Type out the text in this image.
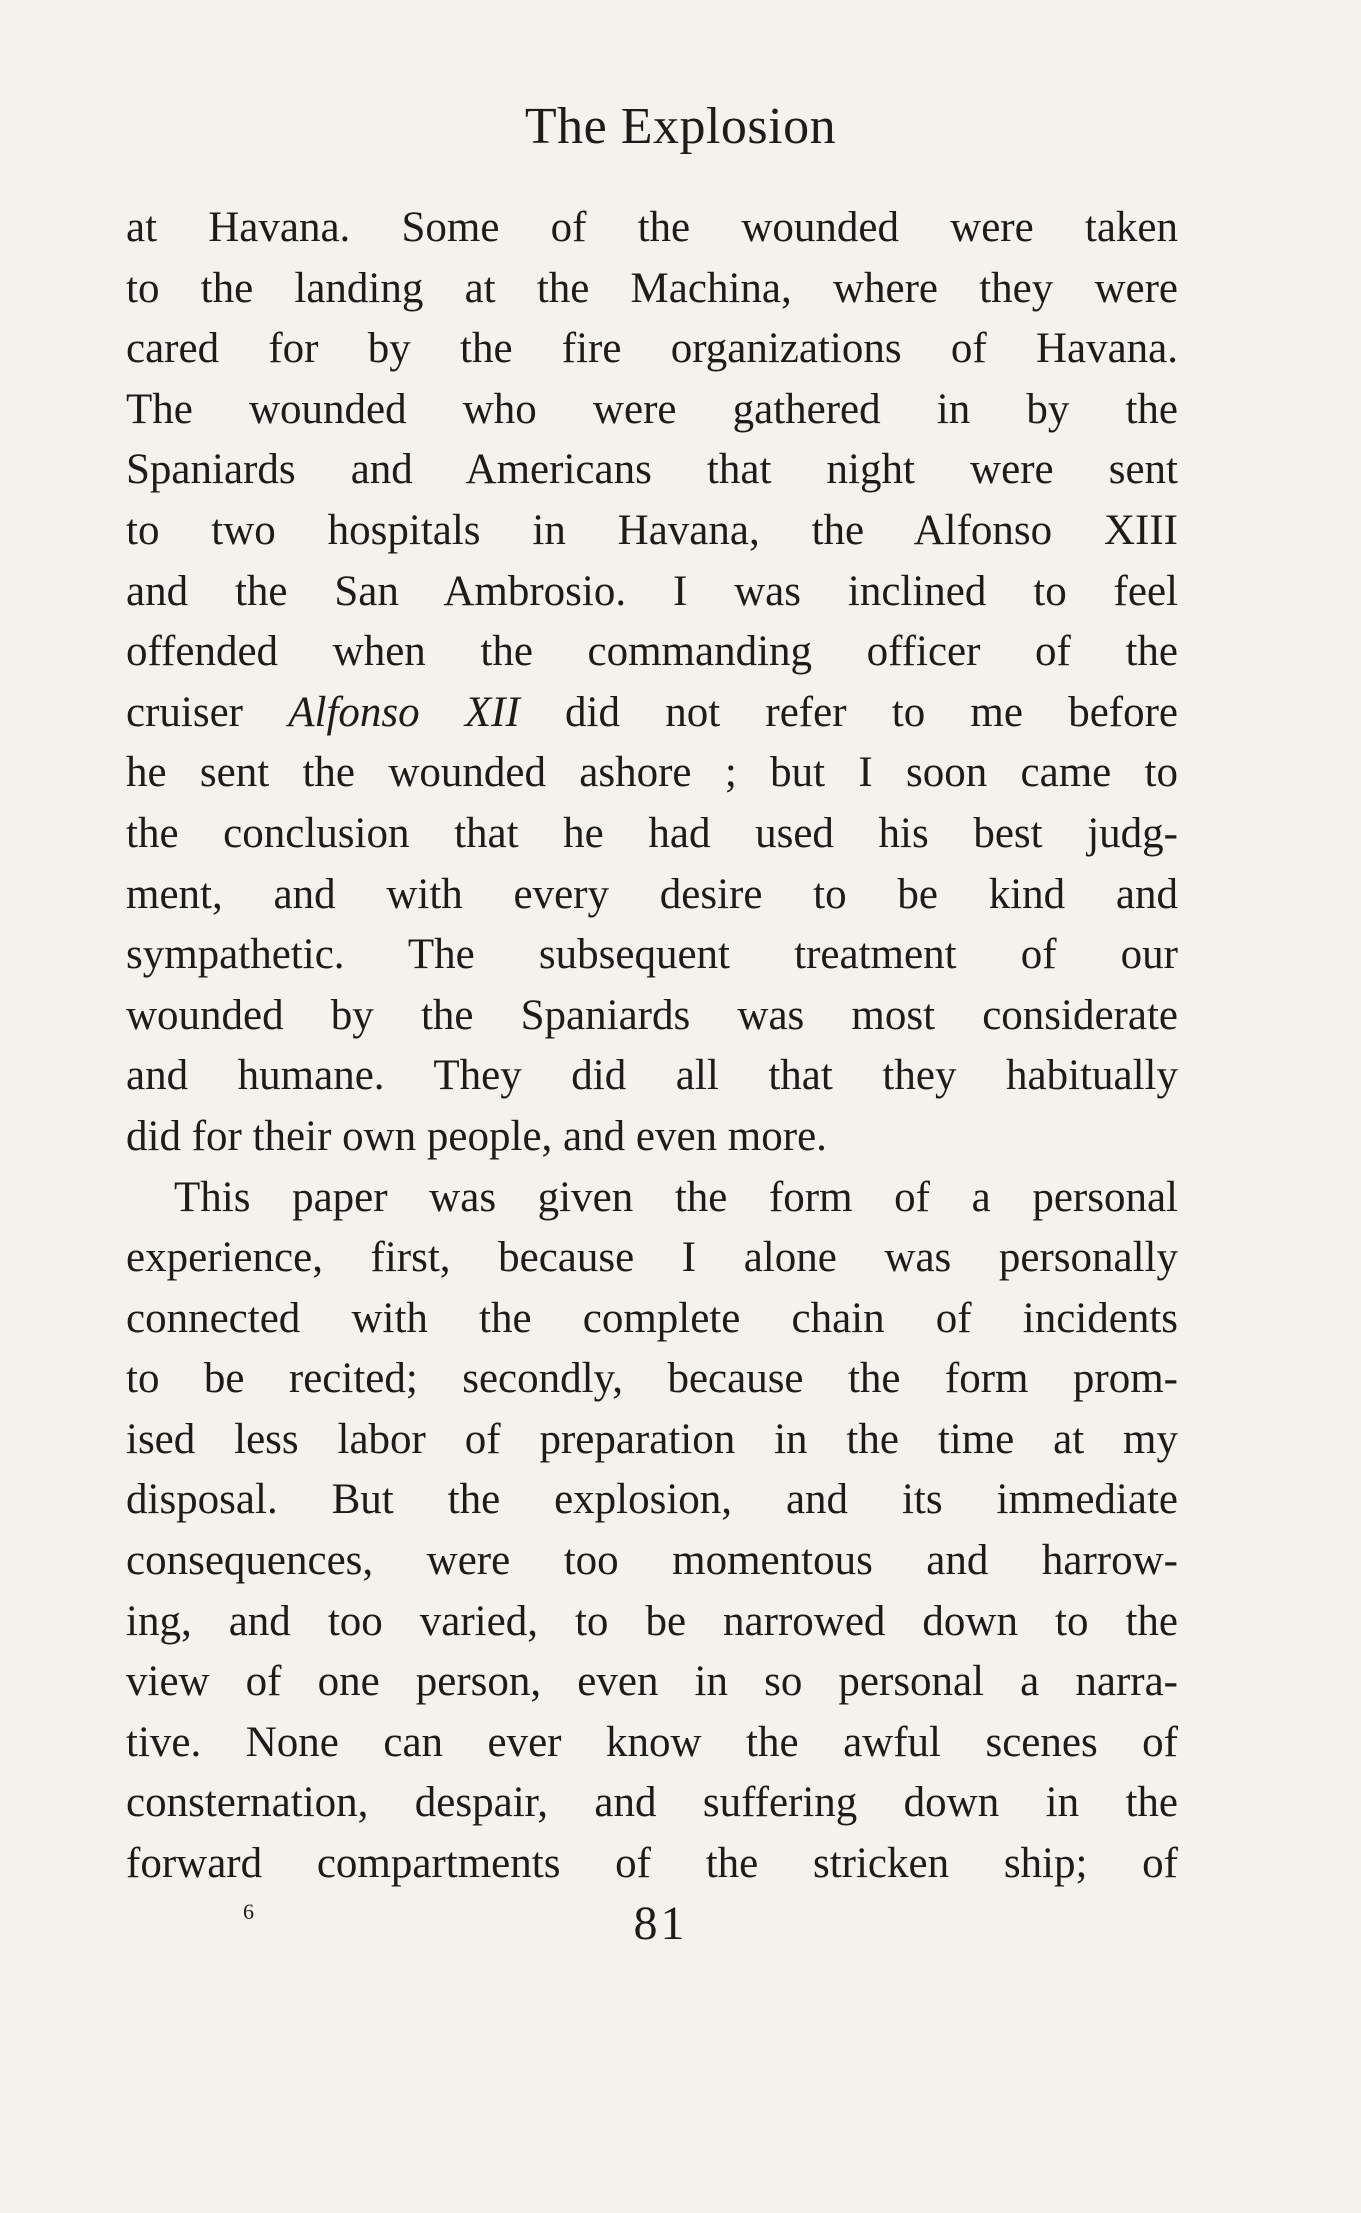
The Explosion
at Havana. Some of the wounded were taken
to the landing at the Machina, where they were
cared for by the fire organizations of Havana.
The wounded who were gathered in by the
Spaniards and Americans that night were sent
to two hospitals in Havana, the Alfonso XIII
and the San Ambrosio. I was inclined to feel
offended when the commanding officer of the
cruiser Alfonso XII did not refer to me before
he sent the wounded ashore ; but I soon came to
the conclusion that he had used his best judg-
ment, and with every desire to be kind and
sympathetic. The subsequent treatment of our
wounded by the Spaniards was most considerate
and humane. They did all that they habitually
did for their own people, and even more.
This paper was given the form of a personal
experience, first, because I alone was personally
connected with the complete chain of incidents
to be recited; secondly, because the form prom-
ised less labor of preparation in the time at my
disposal. But the explosion, and its immediate
consequences, were too momentous and harrow-
ing, and too varied, to be narrowed down to the
view of one person, even in so personal a narra-
tive. None can ever know the awful scenes of
consternation, despair, and suffering down in the
forward compartments of the stricken ship; of
6	81
